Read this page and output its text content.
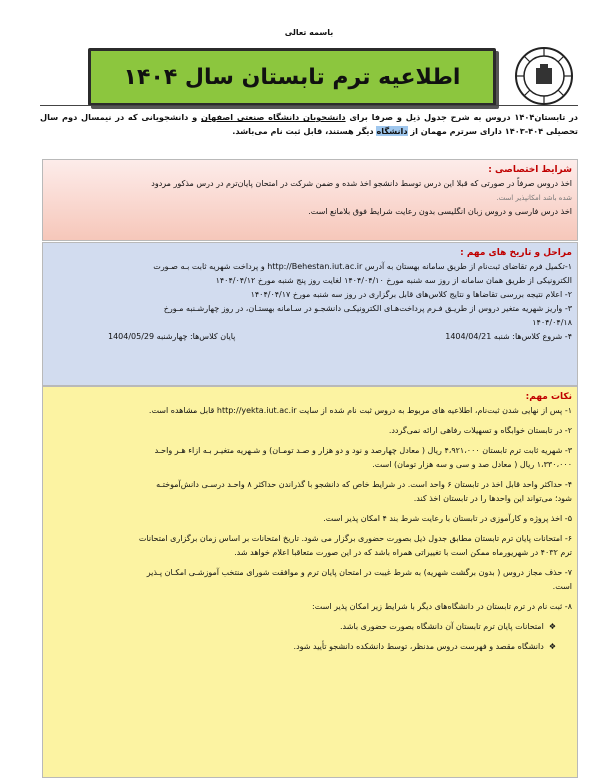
باسمه تعالی
اطلاعیه ترم تابستان سال ۱۴۰۴
در تابستان۱۴۰۴ دروس به شرح جدول ذیل و صرفا برای دانشجویان دانشگاه صنعتی اصفهان و دانشجویانی که در نیمسال دوم سال تحصیلی ۴۰۴-۱۴۰۳ دارای سرترم مهمان از دانشگاه دیگر هستند، قابل ثبت نام می‌باشد.
شرایط اختصاصی :

اخذ دروس صرفاً در صورتی که قبلا این درس توسط دانشجو اخذ شده و ضمن شرکت در امتحان پایان‌ترم در درس مذکور مردود

شده باشد امکانپذیر است.

اخذ درس فارسی و دروس زبان انگلیسی بدون رعایت شرایط فوق بلامانع است.

مراحل و تاریخ های مهم :

۱-تکمیل فرم تقاضای ثبت‌نام از طریق سامانه بهستان به آدرس http://Behestan.iut.ac.ir و پرداخت شهریه ثابت بـه صـورت

الکترونیکی از طریق همان سامانه از روز سه شنبه مورخ ۱۴۰۴/۰۴/۱۰ لغایت روز پنج شنبه مورخ ۱۴۰۴/۰۴/۱۲

۲- اعلام نتیجه بررسی تقاضاها و نتایج کلاس‌های قابل برگزاری در روز سه شنبه مورخ ۱۴۰۴/۰۴/۱۷

۳- واریز شهریه متغیر دروس از طریـق فـرم پرداخت‌هـای الکترونیکـی دانشجـو در سـامانه بهستـان، در روز چهارشـنبه مـورخ

۱۴۰۴/۰۴/۱۸

۴- شروع کلاس‌ها: شنبه 1404/04/21
پایان کلاس‌ها: چهارشنبه 1404/05/29
نکات مهم:

۱- پس از نهایی شدن ثبت‌نام، اطلاعیه های مربوط به دروس ثبت نام شده از سایت http://yekta.iut.ac.ir قابل مشاهده است.

۲- در تابستان خوابگاه و تسهیلات رفاهی ارائه نمی‌گردد.

۳- شهریه ثابت ترم تابستان ۴،۹۲۱،۰۰۰ ریال ( معادل چهارصد و نود و دو هزار و صـد تومـان) و شـهریه متغیـر بـه ازاء هـر واحـد

۱،۳۳۰،۰۰۰ ریال ( معادل صد و سی و سه هزار تومان) است.

۴- حداکثر واحد قابل اخذ در تابستان ۶ واحد است. در شرایط خاص که دانشجو با گذراندن حداکثر ۸ واحـد درسـی دانش‌آموختـه

شود؛ می‌تواند این واحدها را در تابستان اخذ کند.

۵- اخذ پروژه و کارآموزی در تابستان با رعایت شرط بند ۴ امکان پذیر است.

۶- امتحانات پایان ترم تابستان مطابق جدول ذیل بصورت حضوری برگزار می شود. تاریخ امتحانات بر اساس زمان برگزاری امتحانات

ترم ۴۰۳۲ در شهریورماه ممکن است با تغییراتی همراه باشد که در این صورت متعاقبا اعلام خواهد شد.

۷- حذف مجاز دروس ( بدون برگشت شهریه) به شرط غیبت در امتحان پایان ترم و موافقت شورای منتخب آموزشـی امکـان پـذیر

است.

۸- ثبت نام در ترم تابستان در دانشگاه‌های دیگر با شرایط زیر امکان پذیر است:

❖امتحانات پایان ترم تابستان آن دانشگاه بصورت حضوری باشد.

❖دانشگاه مقصد و فهرست دروس مدنظر، توسط دانشکده دانشجو تأیید شود.
